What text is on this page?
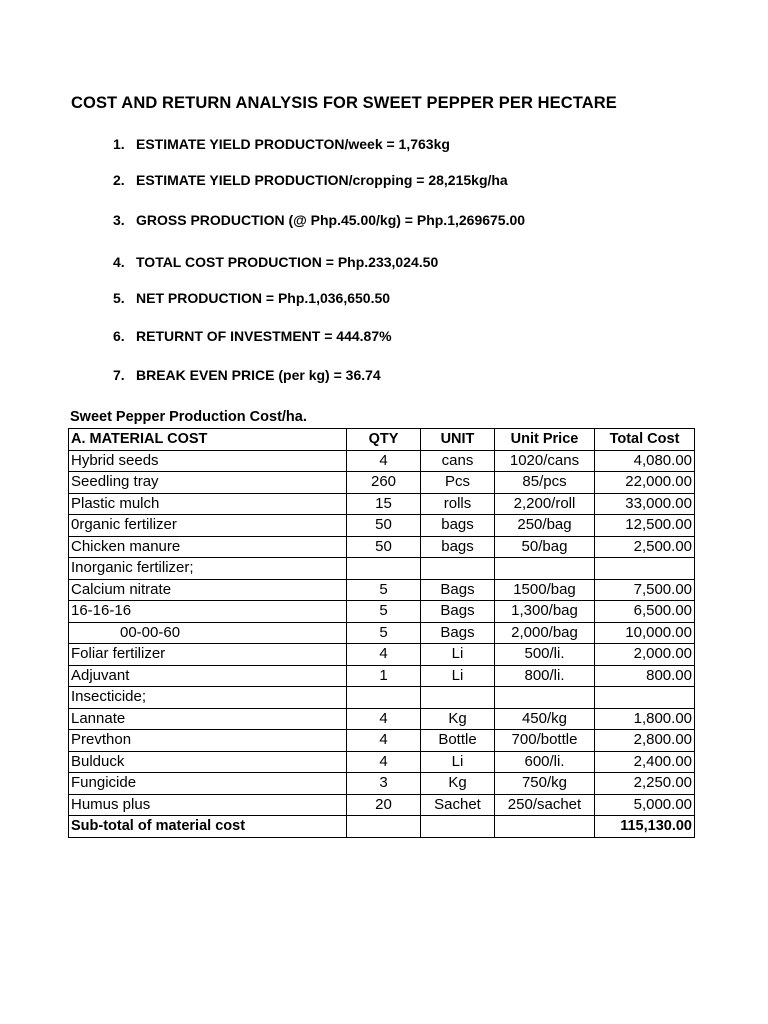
COST AND RETURN ANALYSIS FOR SWEET PEPPER PER HECTARE
1. ESTIMATE YIELD PRODUCTON/week = 1,763kg
2. ESTIMATE YIELD PRODUCTION/cropping = 28,215kg/ha
3. GROSS PRODUCTION (@ Php.45.00/kg) = Php.1,269675.00
4. TOTAL COST PRODUCTION = Php.233,024.50
5. NET PRODUCTION = Php.1,036,650.50
6. RETURNT OF INVESTMENT = 444.87%
7. BREAK EVEN PRICE (per kg) = 36.74
Sweet Pepper Production Cost/ha.
A. MATERIAL COST	QTY	UNIT	Unit Price	Total Cost
Hybrid seeds	4	cans	1020/cans	4,080.00
Seedling tray	260	Pcs	85/pcs	22,000.00
Plastic mulch	15	rolls	2,200/roll	33,000.00
0rganic fertilizer	50	bags	250/bag	12,500.00
Chicken manure	50	bags	50/bag	2,500.00
Inorganic fertilizer;				
Calcium nitrate	5	Bags	1500/bag	7,500.00
16-16-16	5	Bags	1,300/bag	6,500.00
00-00-60	5	Bags	2,000/bag	10,000.00
Foliar fertilizer	4	Li	500/li.	2,000.00
Adjuvant	1	Li	800/li.	800.00
Insecticide;				
Lannate	4	Kg	450/kg	1,800.00
Prevthon	4	Bottle	700/bottle	2,800.00
Bulduck	4	Li	600/li.	2,400.00
Fungicide	3	Kg	750/kg	2,250.00
Humus plus	20	Sachet	250/sachet	5,000.00
Sub-total of material cost				115,130.00
